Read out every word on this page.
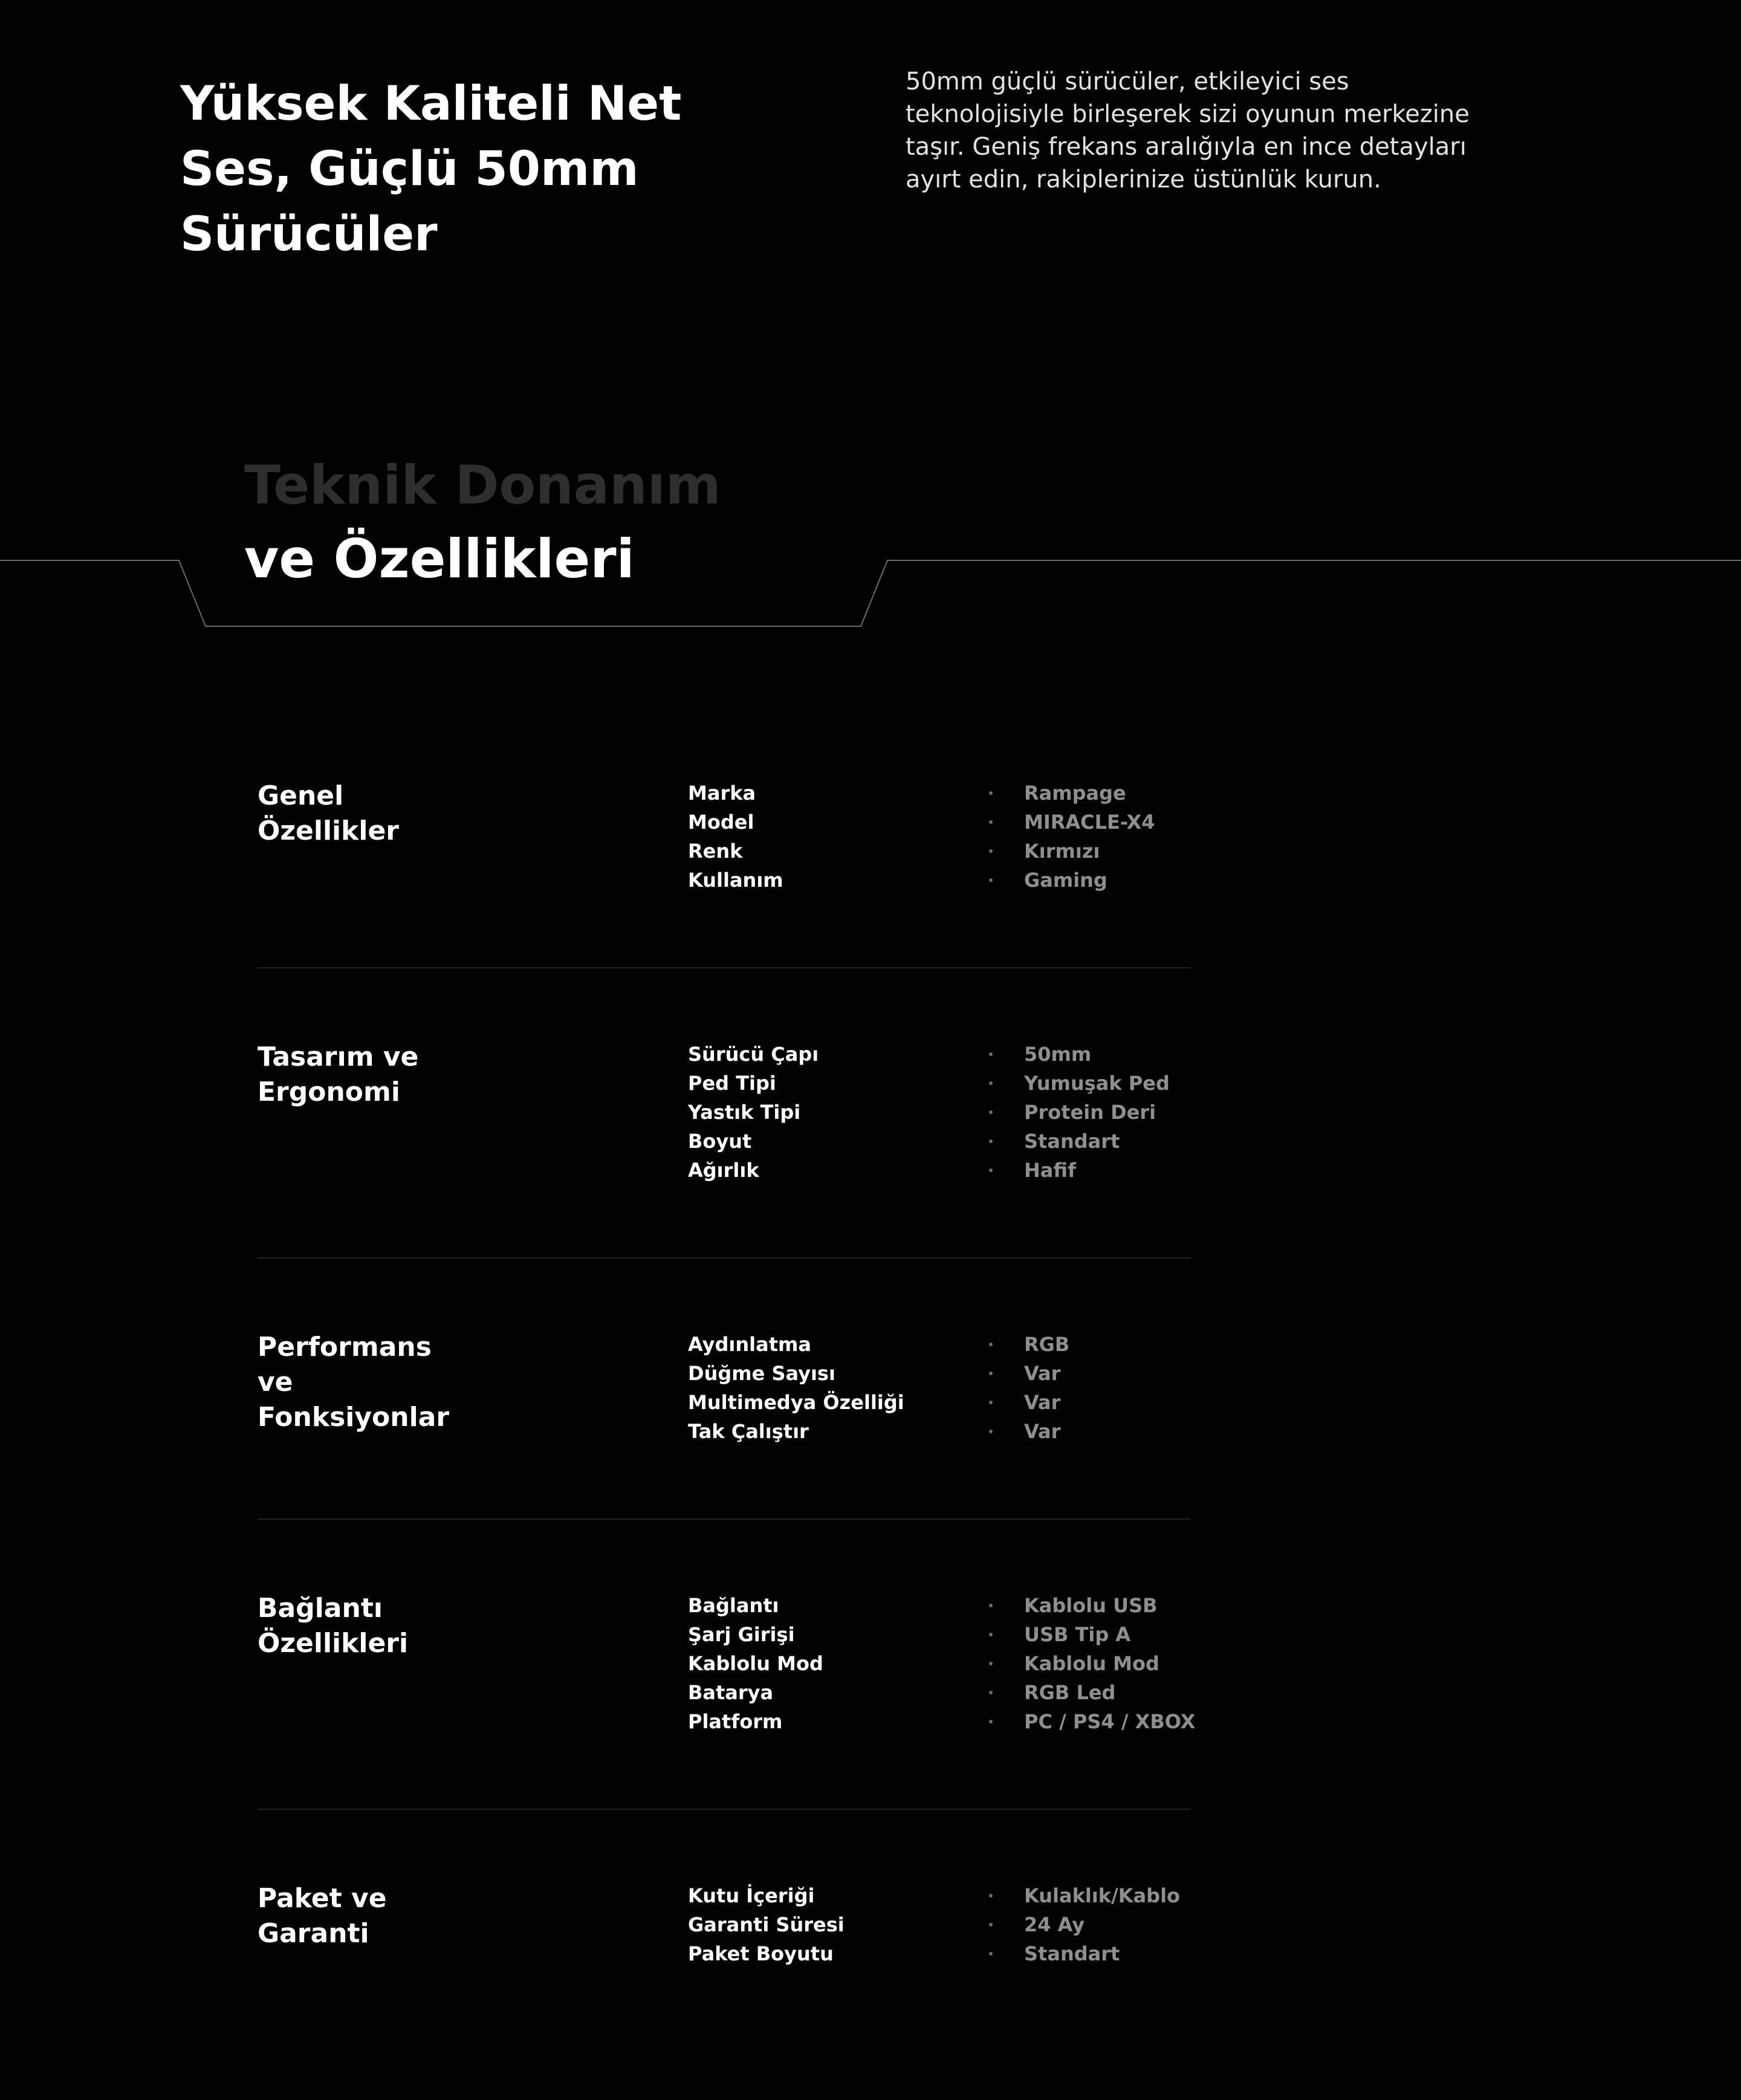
Yüksek Kaliteli Net
Ses, Güçlü 50mm
Sürücüler

50mm güçlü sürücüler, etkileyici ses
teknolojisiyle birleşerek sizi oyunun merkezine
taşır. Geniş frekans aralığıyla en ince detayları
ayırt edin, rakiplerinize üstünlük kurun.

Teknik Donanım
ve Özellikleri
Genel
Özellikler
Marka	Rampage
Model	MIRACLE-X4
Renk	Kırmızı
Kullanım	Gaming
Tasarım ve
Ergonomi
Sürücü Çapı	50mm
Ped Tipi	Yumuşak Ped
Yastık Tipi	Protein Deri
Boyut	Standart
Ağırlık	Hafif
Performans
ve
Fonksiyonlar
Aydınlatma	RGB
Düğme Sayısı	Var
Multimedya Özelliği	Var
Tak Çalıştır	Var
Bağlantı
Özellikleri
Bağlantı	Kablolu USB
Şarj Girişi	USB Tip A
Kablolu Mod	Kablolu Mod
Batarya	RGB Led
Platform	PC / PS4 / XBOX
Paket ve
Garanti
Kutu İçeriği	Kulaklık/Kablo
Garanti Süresi	24 Ay
Paket Boyutu	Standart
